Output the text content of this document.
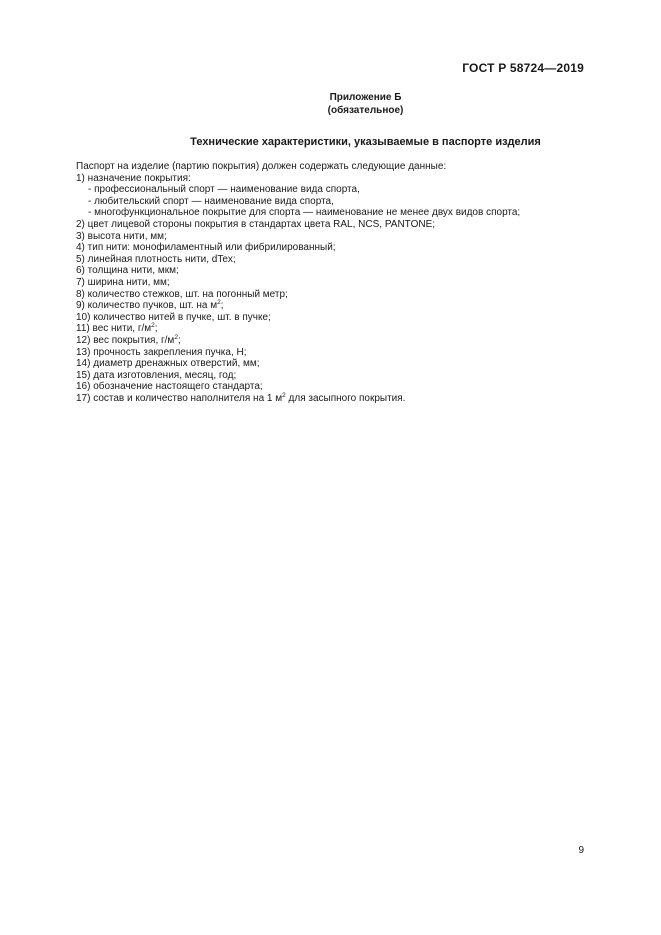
ГОСТ Р 58724—2019
Приложение Б
(обязательное)
Технические характеристики, указываемые в паспорте изделия

Паспорт на изделие (партию покрытия) должен содержать следующие данные:

1) назначение покрытия:

- профессиональный спорт — наименование вида спорта,

- любительский спорт — наименование вида спорта,

- многофункциональное покрытие для спорта — наименование не менее двух видов спорта;

2) цвет лицевой стороны покрытия в стандартах цвета RAL, NCS, PANTONE;

3) высота нити, мм;

4) тип нити: монофиламентный или фибрилированный;

5) линейная плотность нити, dTex;

6) толщина нити, мкм;

7) ширина нити, мм;

8) количество стежков, шт. на погонный метр;

9) количество пучков, шт. на $м^2$;

10) количество нитей в пучке, шт. в пучке;

11) вес нити, $г/м^2$;

12) вес покрытия, $г/м^2$;

13) прочность закрепления пучка, Н;

14) диаметр дренажных отверстий, мм;

15) дата изготовления, месяц, год;

16) обозначение настоящего стандарта;

17) состав и количество наполнителя на 1 $м^2$ для засыпного покрытия.

9
